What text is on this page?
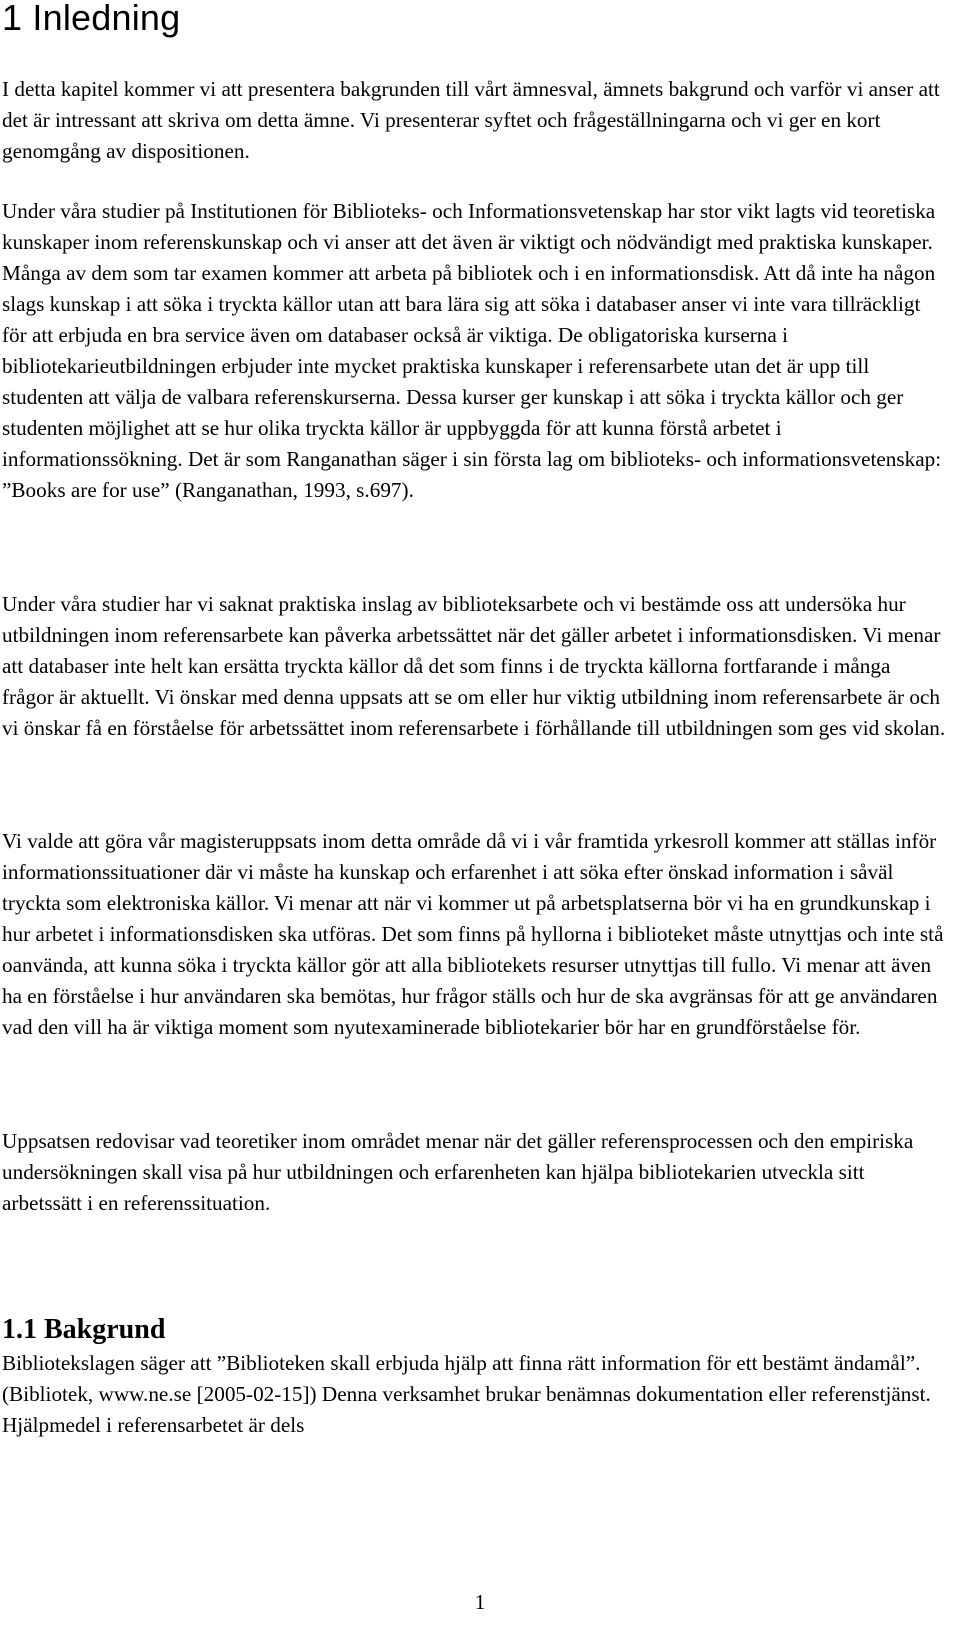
1 Inledning

I detta kapitel kommer vi att presentera bakgrunden till vårt ämnesval, ämnets bakgrund och varför vi anser att det är intressant att skriva om detta ämne. Vi presenterar syftet och frågeställningarna och vi ger en kort genomgång av dispositionen.

Under våra studier på Institutionen för Biblioteks- och Informationsvetenskap har stor vikt lagts vid teoretiska kunskaper inom referenskunskap och vi anser att det även är viktigt och nödvändigt med praktiska kunskaper. Många av dem som tar examen kommer att arbeta på bibliotek och i en informationsdisk. Att då inte ha någon slags kunskap i att söka i tryckta källor utan att bara lära sig att söka i databaser anser vi inte vara tillräckligt för att erbjuda en bra service även om databaser också är viktiga. De obligatoriska kurserna i bibliotekarieutbildningen erbjuder inte mycket praktiska kunskaper i referensarbete utan det är upp till studenten att välja de valbara referenskurserna. Dessa kurser ger kunskap i att söka i tryckta källor och ger studenten möjlighet att se hur olika tryckta källor är uppbyggda för att kunna förstå arbetet i informationssökning. Det är som Ranganathan säger i sin första lag om biblioteks- och informationsvetenskap: ”Books are for use” (Ranganathan, 1993, s.697).

Under våra studier har vi saknat praktiska inslag av biblioteksarbete och vi bestämde oss att undersöka hur utbildningen inom referensarbete kan påverka arbetssättet när det gäller arbetet i informationsdisken. Vi menar att databaser inte helt kan ersätta tryckta källor då det som finns i de tryckta källorna fortfarande i många frågor är aktuellt. Vi önskar med denna uppsats att se om eller hur viktig utbildning inom referensarbete är och vi önskar få en förståelse för arbetssättet inom referensarbete i förhållande till utbildningen som ges vid skolan.

Vi valde att göra vår magisteruppsats inom detta område då vi i vår framtida yrkesroll kommer att ställas inför informationssituationer där vi måste ha kunskap och erfarenhet i att söka efter önskad information i såväl tryckta som elektroniska källor. Vi menar att när vi kommer ut på arbetsplatserna bör vi ha en grundkunskap i hur arbetet i informationsdisken ska utföras. Det som finns på hyllorna i biblioteket måste utnyttjas och inte stå oanvända, att kunna söka i tryckta källor gör att alla bibliotekets resurser utnyttjas till fullo. Vi menar att även ha en förståelse i hur användaren ska bemötas, hur frågor ställs och hur de ska avgränsas för att ge användaren vad den vill ha är viktiga moment som nyutexaminerade bibliotekarier bör har en grundförståelse för.

Uppsatsen redovisar vad teoretiker inom området menar när det gäller referensprocessen och den empiriska undersökningen skall visa på hur utbildningen och erfarenheten kan hjälpa bibliotekarien utveckla sitt arbetssätt i en referenssituation.

1.1 Bakgrund

Bibliotekslagen säger att ”Biblioteken skall erbjuda hjälp att finna rätt information för ett bestämt ändamål”. (Bibliotek, www.ne.se [2005-02-15]) Denna verksamhet brukar benämnas dokumentation eller referenstjänst. Hjälpmedel i referensarbetet är dels

1
